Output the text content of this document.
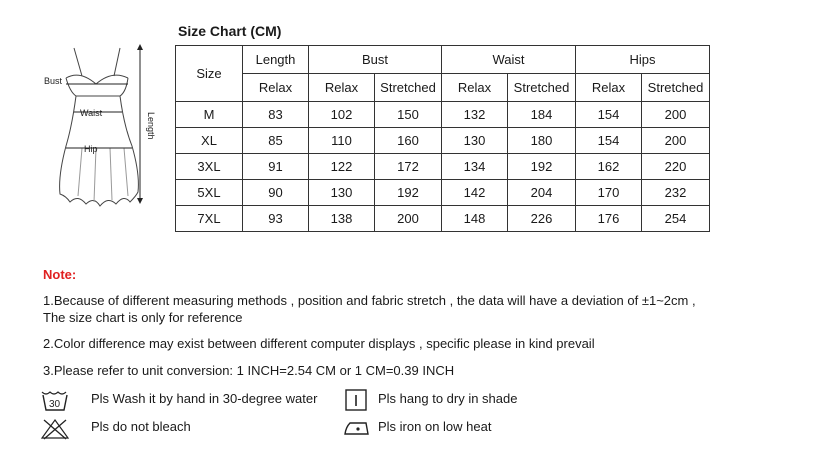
Bust
Waist
Hip
Length
Size Chart (CM)
Size	Length	Bust		Waist		Hips	
	Relax	Relax	Stretched	Relax	Stretched	Relax	Stretched
M	83	102	150	132	184	154	200
XL	85	110	160	130	180	154	200
3XL	91	122	172	134	192	162	220
5XL	90	130	192	142	204	170	232
7XL	93	138	200	148	226	176	254
Note:
1.Because of different measuring methods , position and fabric stretch , the data will have a deviation of ±1~2cm ,
The size chart is only for reference
2.Color difference may exist between different computer displays , specific please in kind prevail
3.Please refer to unit conversion: 1 INCH=2.54 CM or 1 CM=0.39 INCH
30 Pls Wash it by hand in 30-degree water
Pls do not bleach
Pls hang to dry in shade
Pls iron on low heat
